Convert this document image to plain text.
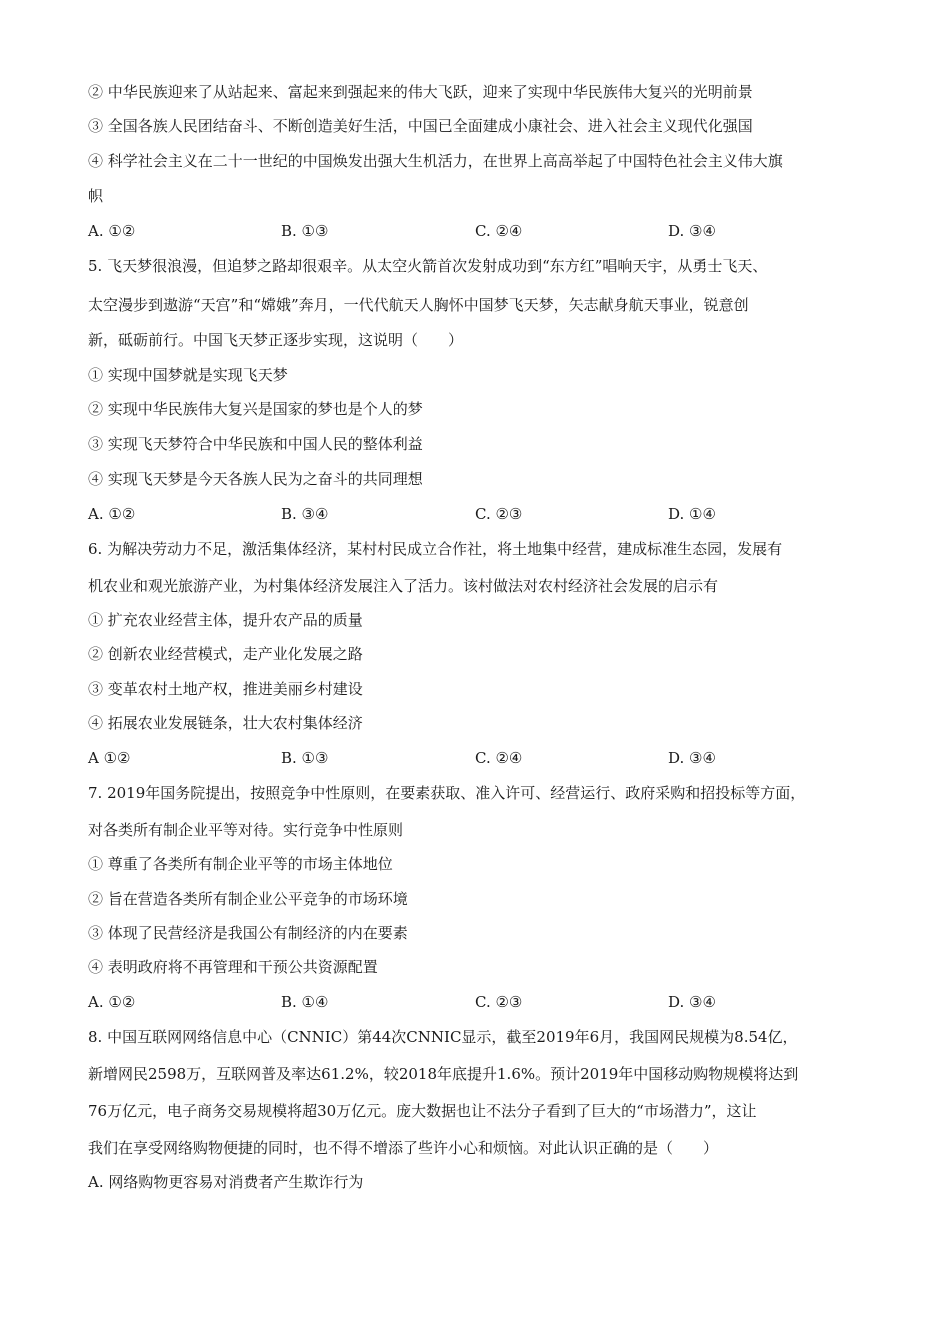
② 中华民族迎来了从站起来、富起来到强起来的伟大飞跃，迎来了实现中华民族伟大复兴的光明前景
③ 全国各族人民团结奋斗、不断创造美好生活，中国已全面建成小康社会、进入社会主义现代化强国
④ 科学社会主义在二十一世纪的中国焕发出强大生机活力，在世界上高高举起了中国特色社会主义伟大旗
帜
A. ①②	B. ①③	C. ②④	D. ③④
5. 飞天梦很浪漫，但追梦之路却很艰辛。从太空火箭首次发射成功到“东方红”唱响天宇，从勇士飞天、
太空漫步到遨游“天宫”和“嫦娥”奔月，一代代航天人胸怀中国梦飞天梦，矢志献身航天事业，锐意创
新，砥砺前行。中国飞天梦正逐步实现，这说明（　　）
① 实现中国梦就是实现飞天梦
② 实现中华民族伟大复兴是国家的梦也是个人的梦
③ 实现飞天梦符合中华民族和中国人民的整体利益
④ 实现飞天梦是今天各族人民为之奋斗的共同理想
A. ①②	B. ③④	C. ②③	D. ①④
6. 为解决劳动力不足，激活集体经济，某村村民成立合作社，将土地集中经营，建成标准生态园，发展有
机农业和观光旅游产业，为村集体经济发展注入了活力。该村做法对农村经济社会发展的启示有
① 扩充农业经营主体，提升农产品的质量
② 创新农业经营模式，走产业化发展之路
③ 变革农村土地产权，推进美丽乡村建设
④ 拓展农业发展链条，壮大农村集体经济
A ①②	B. ①③	C. ②④	D. ③④
7. 2019年国务院提出，按照竞争中性原则，在要素获取、准入许可、经营运行、政府采购和招投标等方面，
对各类所有制企业平等对待。实行竞争中性原则
① 尊重了各类所有制企业平等的市场主体地位
② 旨在营造各类所有制企业公平竞争的市场环境
③ 体现了民营经济是我国公有制经济的内在要素
④ 表明政府将不再管理和干预公共资源配置
A. ①②	B. ①④	C. ②③	D. ③④
8. 中国互联网网络信息中心（CNNIC）第44次CNNIC显示，截至2019年6月，我国网民规模为8.54亿，
新增网民2598万，互联网普及率达61.2%，较2018年底提升1.6%。预计2019年中国移动购物规模将达到
76万亿元，电子商务交易规模将超30万亿元。庞大数据也让不法分子看到了巨大的“市场潜力”，这让
我们在享受网络购物便捷的同时，也不得不增添了些许小心和烦恼。对此认识正确的是（　　）
A. 网络购物更容易对消费者产生欺诈行为
